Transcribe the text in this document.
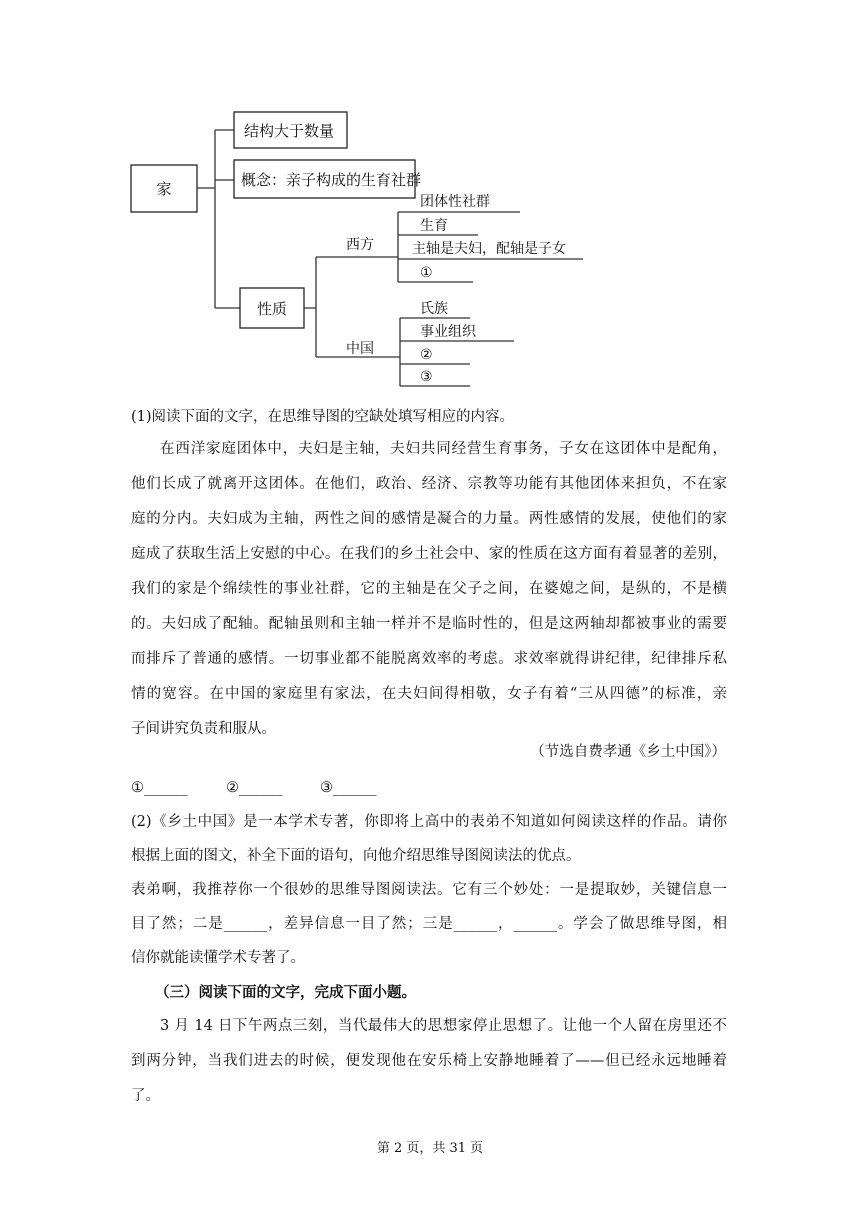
家
结构大于数量
概念：亲子构成的生育社群
性质
西方
中国
团体性社群
生育
主轴是夫妇，配轴是子女
①
氏族
事业组织
②
③
(1)阅读下面的文字，在思维导图的空缺处填写相应的内容。
在西洋家庭团体中，夫妇是主轴，夫妇共同经营生育事务，子女在这团体中是配角，
他们长成了就离开这团体。在他们，政治、经济、宗教等功能有其他团体来担负，不在家
庭的分内。夫妇成为主轴，两性之间的感情是凝合的力量。两性感情的发展，使他们的家
庭成了获取生活上安慰的中心。在我们的乡土社会中、家的性质在这方面有着显著的差别，
我们的家是个绵续性的事业社群，它的主轴是在父子之间，在婆媳之间，是纵的，不是横
的。夫妇成了配轴。配轴虽则和主轴一样并不是临时性的，但是这两轴却都被事业的需要
而排斥了普通的感情。一切事业都不能脱离效率的考虑。求效率就得讲纪律，纪律排斥私
情的宽容。在中国的家庭里有家法，在夫妇间得相敬，女子有着“三从四德”的标准，亲
子间讲究负责和服从。
（节选自费孝通《乡土中国》）
①______	②______	③______
(2)《乡土中国》是一本学术专著，你即将上高中的表弟不知道如何阅读这样的作品。请你
根据上面的图文，补全下面的语句，向他介绍思维导图阅读法的优点。
表弟啊，我推荐你一个很妙的思维导图阅读法。它有三个妙处：一是提取妙，关键信息一
目了然；二是______，差异信息一目了然；三是______，______。学会了做思维导图，相
信你就能读懂学术专著了。
（三）阅读下面的文字，完成下面小题。
3 月 14 日下午两点三刻，当代最伟大的思想家停止思想了。让他一个人留在房里还不
到两分钟，当我们进去的时候，便发现他在安乐椅上安静地睡着了——但已经永远地睡着
了。
第 2 页，共 31 页
